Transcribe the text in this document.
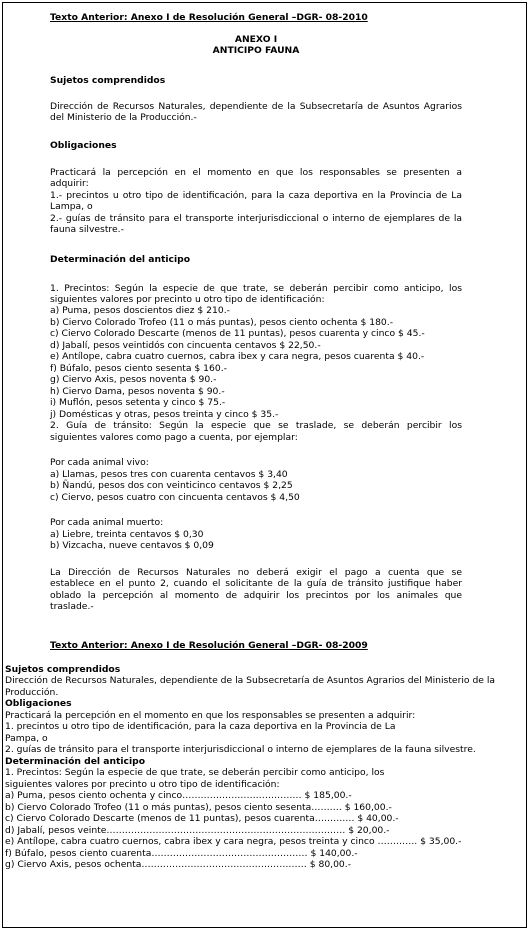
Texto Anterior: Anexo I de Resolución General –DGR- 08-2010
ANEXO I
ANTICIPO FAUNA
Sujetos comprendidos
Dirección de Recursos Naturales, dependiente de la Subsecretaría de Asuntos Agrarios
del Ministerio de la Producción.-
Obligaciones
Practicará la percepción en el momento en que los responsables se presenten a
adquirir:
1.- precintos u otro tipo de identificación, para la caza deportiva en la Provincia de La
Lampa, o
2.- guías de tránsito para el transporte interjurisdiccional o interno de ejemplares de la
fauna silvestre.-
Determinación del anticipo
1. Precintos: Según la especie de que trate, se deberán percibir como anticipo, los
siguientes valores por precinto u otro tipo de identificación:
a) Puma, pesos doscientos diez $ 210.-
b) Ciervo Colorado Trofeo (11 o más puntas), pesos ciento ochenta $ 180.-
c) Ciervo Colorado Descarte (menos de 11 puntas), pesos cuarenta y cinco $ 45.-
d) Jabalí, pesos veintidós con cincuenta centavos $ 22,50.-
e) Antílope, cabra cuatro cuernos, cabra ibex y cara negra, pesos cuarenta $ 40.-
f) Búfalo, pesos ciento sesenta $ 160.-
g) Ciervo Axis, pesos noventa $ 90.-
h) Ciervo Dama, pesos noventa $ 90.-
i) Muflón, pesos setenta y cinco $ 75.-
j) Domésticas y otras, pesos treinta y cinco $ 35.-
2. Guía de tránsito: Según la especie que se traslade, se deberán percibir los
siguientes valores como pago a cuenta, por ejemplar:
Por cada animal vivo:
a) Llamas, pesos tres con cuarenta centavos $ 3,40
b) Ñandú, pesos dos con veinticinco centavos $ 2,25
c) Ciervo, pesos cuatro con cincuenta centavos $ 4,50
Por cada animal muerto:
a) Liebre, treinta centavos $ 0,30
b) Vizcacha, nueve centavos $ 0,09
La Dirección de Recursos Naturales no deberá exigir el pago a cuenta que se
establece en el punto 2, cuando el solicitante de la guía de tránsito justifique haber
oblado la percepción al momento de adquirir los precintos por los animales que
traslade.-
Texto Anterior: Anexo I de Resolución General –DGR- 08-2009
Sujetos comprendidos
Dirección de Recursos Naturales, dependiente de la Subsecretaría de Asuntos Agrarios del Ministerio de la
Producción.
Obligaciones
Practicará la percepción en el momento en que los responsables se presenten a adquirir:
1. precintos u otro tipo de identificación, para la caza deportiva en la Provincia de La
Pampa, o
2. guías de tránsito para el transporte interjurisdiccional o interno de ejemplares de la fauna silvestre.
Determinación del anticipo
1. Precintos: Según la especie de que trate, se deberán percibir como anticipo, los
siguientes valores por precinto u otro tipo de identificación:
a) Puma, pesos ciento ochenta y cinco………………………………… $ 185,00.-
b) Ciervo Colorado Trofeo (11 o más puntas), pesos ciento sesenta………. $ 160,00.-
c) Ciervo Colorado Descarte (menos de 11 puntas), pesos cuarenta…………. $ 40,00.-
d) Jabalí, pesos veinte…………………………………………………………………… $ 20,00.-
e) Antílope, cabra cuatro cuernos, cabra ibex y cara negra, pesos treinta y cinco …………. $ 35,00.-
f) Búfalo, pesos ciento cuarenta…………………………………………… $ 140,00.-
g) Ciervo Axis, pesos ochenta……………………………………………… $ 80,00.-
